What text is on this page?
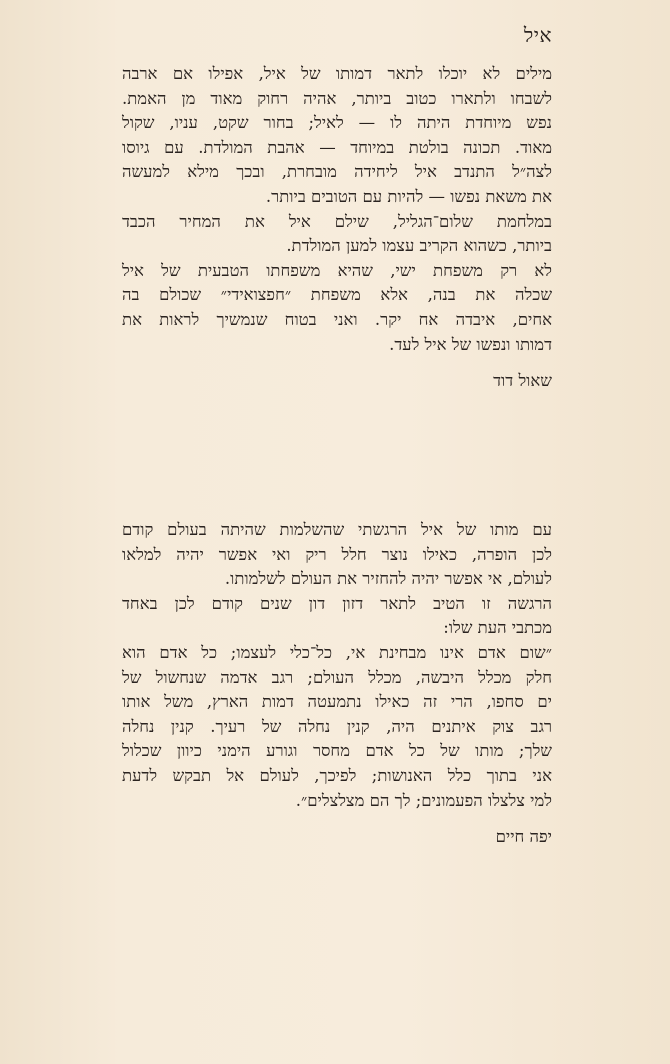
איל
מילים לא יוכלו לתאר דמותו של איל, אפילו אם ארבה
לשבחו ולתארו כטוב ביותר, אהיה רחוק מאוד מן האמת.
נפש מיוחדת היתה לו — לאיל; בחור שקט, עניו, שקול
מאוד. תכונה בולטת במיוחד — אהבת המולדת. עם גיוסו
לצה״ל התנדב איל ליחידה מובחרת, ובכך מילא למעשה
את משאת נפשו — להיות עם הטובים ביותר.
במלחמת שלום־הגליל, שילם איל את המחיר הכבד
ביותר, כשהוא הקריב עצמו למען המולדת.
לא רק משפחת ישי, שהיא משפחתו הטבעית של איל
שכלה את בנה, אלא משפחת ״חפצואידי״ שכולם בה
אחים, איבדה אח יקר. ואני בטוח שנמשיך לראות את
דמותו ונפשו של איל לעד.
שאול דוד
עם מותו של איל הרגשתי שהשלמות שהיתה בעולם קודם
לכן הופרה, כאילו נוצר חלל ריק ואי אפשר יהיה למלאו
לעולם, אי אפשר יהיה להחזיר את העולם לשלמותו.
הרגשה זו הטיב לתאר דזון דון שנים קודם לכן באחד
מכתבי העת שלו:
״שום אדם אינו מבחינת אי, כל־כלי לעצמו; כל אדם הוא
חלק מכלל היבשה, מכלל העולם; רגב אדמה שנחשול של
ים סחפו, הרי זה כאילו נתמעטה דמות הארץ, משל אותו
רגב צוק איתנים היה, קנין נחלה של רעיך. קנין נחלה
שלך; מותו של כל אדם מחסר וגורע הימני כיוון שכלול
אני בתוך כלל האנושות; לפיכך, לעולם אל תבקש לדעת
למי צלצלו הפעמונים; לך הם מצלצלים״.
יפה חיים
